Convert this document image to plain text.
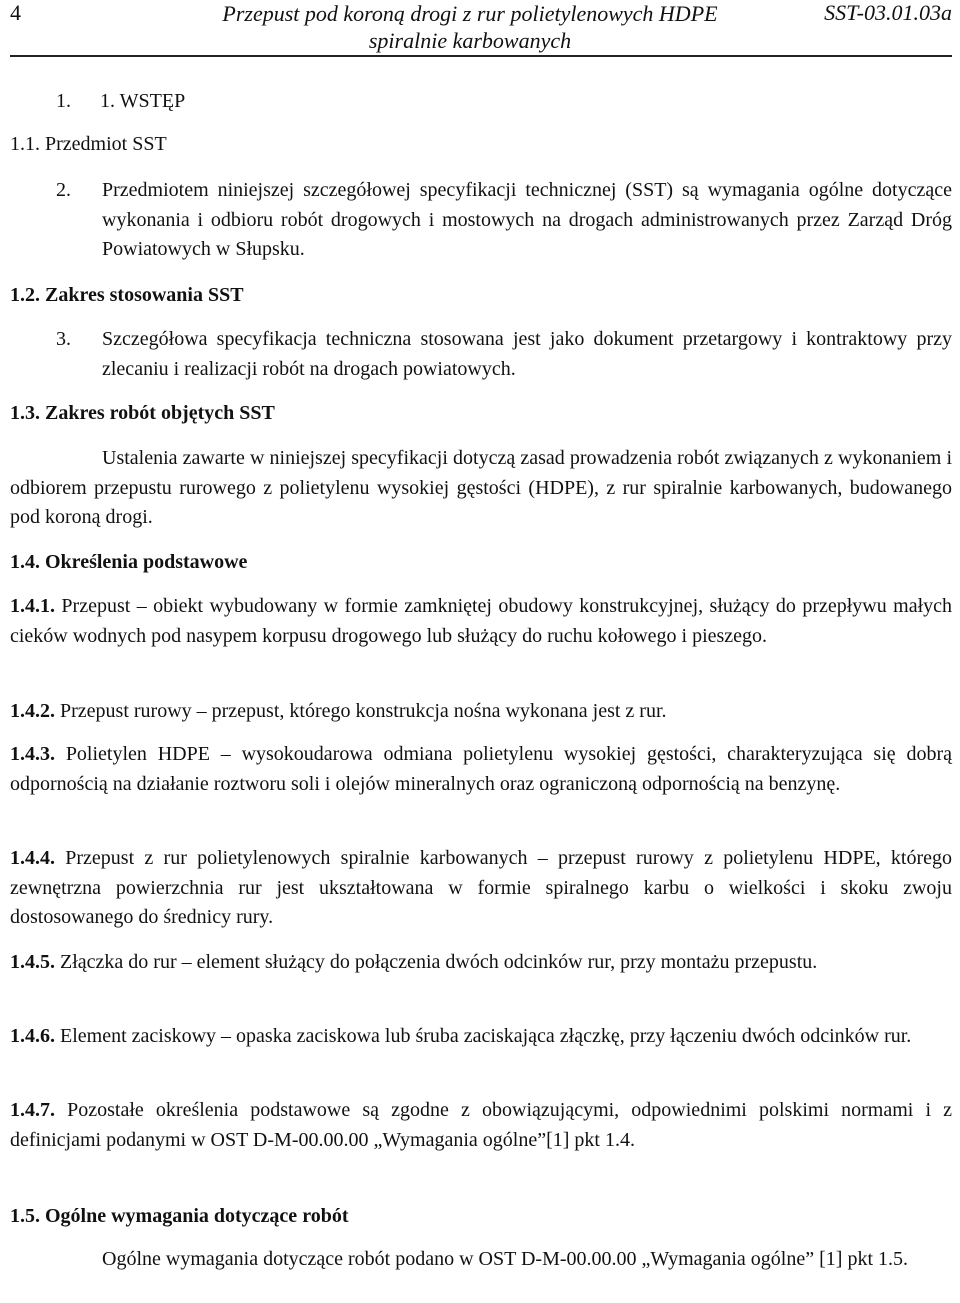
4	Przepust pod koroną drogi z rur polietylenowych HDPE
spiralnie karbowanych
SST-03.01.03a
1. 1. WSTĘP
1.1. Przedmiot SST
2. Przedmiotem niniejszej szczegółowej specyfikacji technicznej (SST) są wymagania ogólne dotyczące wykonania i odbioru robót drogowych i mostowych na drogach administrowanych przez Zarząd Dróg Powiatowych w Słupsku.

1.2. Zakres stosowania SST
3. Szczegółowa specyfikacja techniczna stosowana jest jako dokument przetargowy i kontraktowy przy zlecaniu i realizacji robót na drogach powiatowych.

1.3. Zakres robót objętych SST

Ustalenia zawarte w niniejszej specyfikacji dotyczą zasad prowadzenia robót związanych z wykonaniem i odbiorem przepustu rurowego z polietylenu wysokiej gęstości (HDPE), z rur spiralnie karbowanych, budowanego pod koroną drogi.

1.4. Określenia podstawowe

1.4.1. Przepust – obiekt wybudowany w formie zamkniętej obudowy konstrukcyjnej, służący do przepływu małych cieków wodnych pod nasypem korpusu drogowego lub służący do ruchu kołowego i pieszego.

1.4.2. Przepust rurowy – przepust, którego konstrukcja nośna wykonana jest z rur.

1.4.3. Polietylen HDPE – wysokoudarowa odmiana polietylenu wysokiej gęstości, charakteryzująca się dobrą odpornością na działanie roztworu soli i olejów mineralnych oraz ograniczoną odpornością na benzynę.

1.4.4. Przepust z rur polietylenowych spiralnie karbowanych – przepust rurowy z polietylenu HDPE, którego zewnętrzna powierzchnia rur jest ukształtowana w formie spiralnego karbu o wielkości i skoku zwoju dostosowanego do średnicy rury.

1.4.5. Złączka do rur – element służący do połączenia dwóch odcinków rur, przy montażu przepustu.

1.4.6. Element zaciskowy – opaska zaciskowa lub śruba zaciskająca złączkę, przy łączeniu dwóch odcinków rur.

1.4.7. Pozostałe określenia podstawowe są zgodne z obowiązującymi, odpowiednimi polskimi normami i z definicjami podanymi w OST D-M-00.00.00 „Wymagania ogólne”[1] pkt 1.4.

1.5. Ogólne wymagania dotyczące robót

Ogólne wymagania dotyczące robót podano w OST D-M-00.00.00 „Wymagania ogólne” [1] pkt 1.5.
